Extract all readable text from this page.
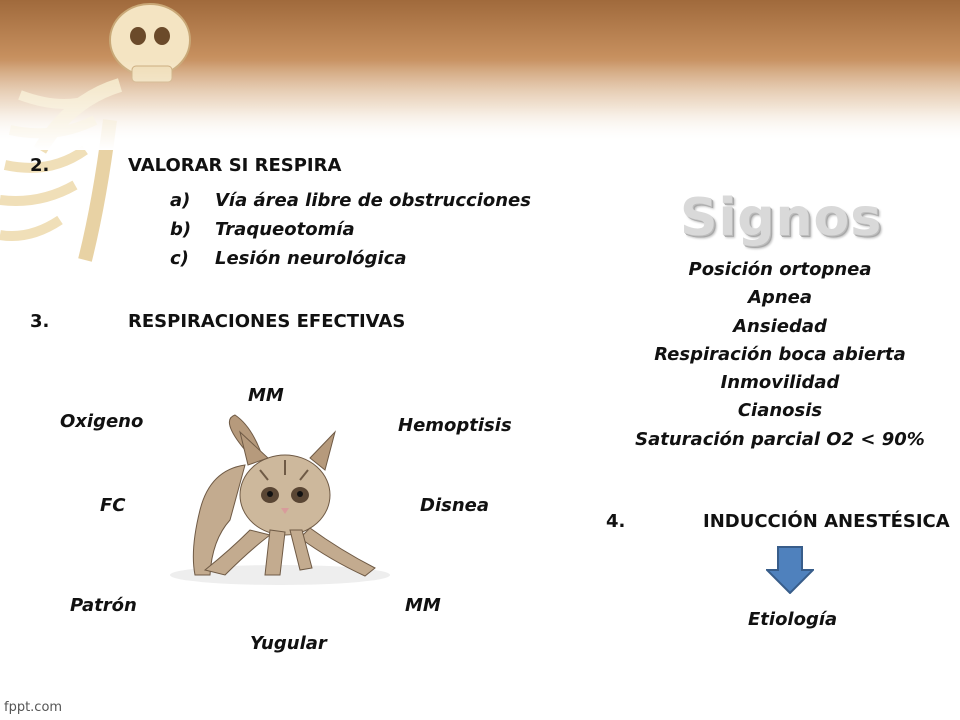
2.	VALORAR SI RESPIRA
a) Vía área libre de obstrucciones
b) Traqueotomía
c) Lesión neurológica
3.	RESPIRACIONES EFECTIVAS
MM
Oxigeno	Hemoptisis
FC	Disnea
Patrón	MM
Yugular
Signos
Posición ortopnea
Apnea
Ansiedad
Respiración boca abierta
Inmovilidad
Cianosis
Saturación parcial O2 < 90%
4.	INDUCCIÓN ANESTÉSICA
Etiología
fppt.com
